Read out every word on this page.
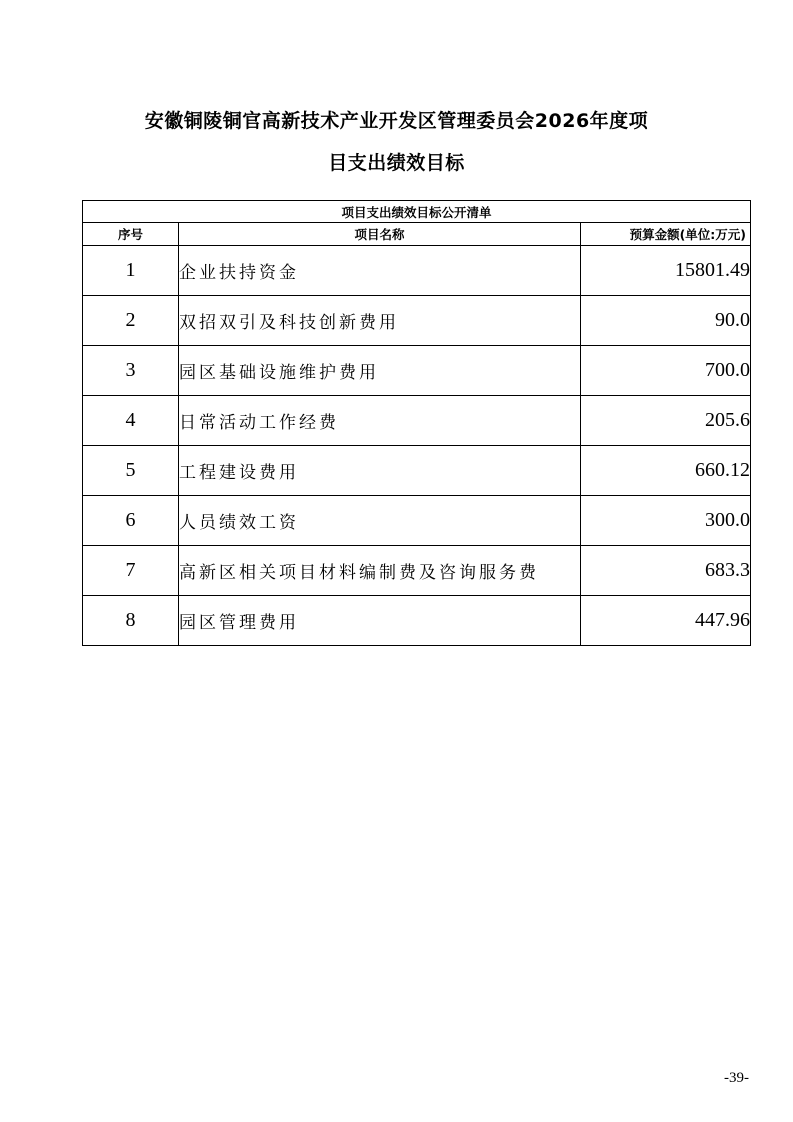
安徽铜陵铜官高新技术产业开发区管理委员会2026年度项
目支出绩效目标
项目支出绩效目标公开清单		
序号	项目名称	预算金额(单位:万元)
1	企业扶持资金	15801.49
2	双招双引及科技创新费用	90.0
3	园区基础设施维护费用	700.0
4	日常活动工作经费	205.6
5	工程建设费用	660.12
6	人员绩效工资	300.0
7	高新区相关项目材料编制费及咨询服务费	683.3
8	园区管理费用	447.96
-39-
